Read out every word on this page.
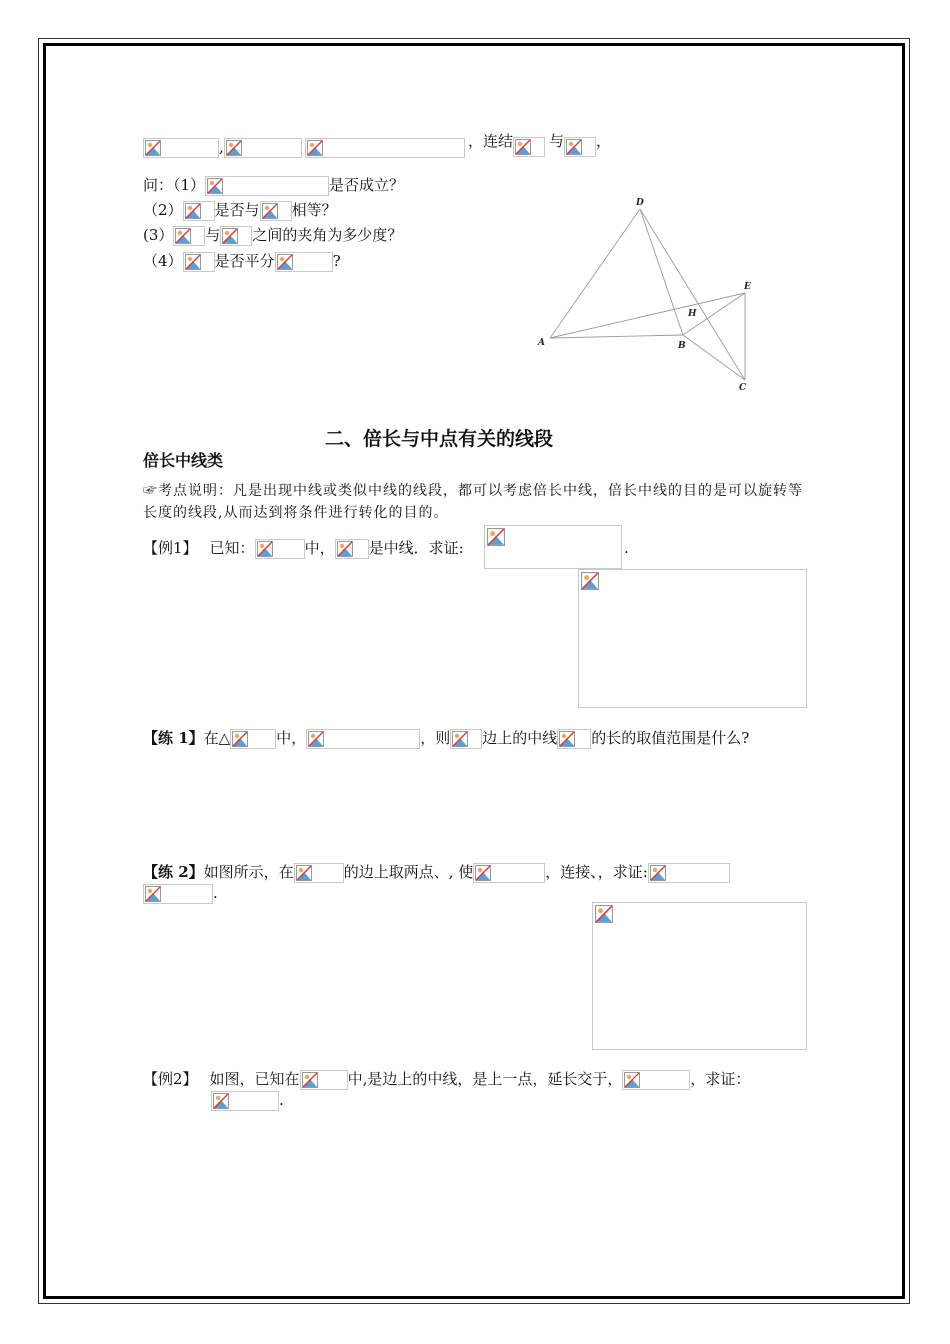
,	，连结 与 ，
问：（1）	是否成立？
（2） 是否与 相等？
(3） 与 之间的夹角为多少度？
（4） 是否平分	?
D
A	B
H
E
C
二、倍长与中点有关的线段
倍长中线类
☞考点说明：凡是出现中线或类似中线的线段，都可以考虑倍长中线，倍长中线的目的是可以旋转等长度的线段,从而达到将条件进行转化的目的。
【例1】 已知：	中， 是中线．求证:	.
【练 1】在△	中，	，则 边上的中线 的长的取值范围是什么?
【练 2】如图所示，在	的边上取两点、, 使	，连接、，求证:
.
【例2】 如图，已知在	中,是边上的中线，是上一点，延长交于，	，求证：
.
